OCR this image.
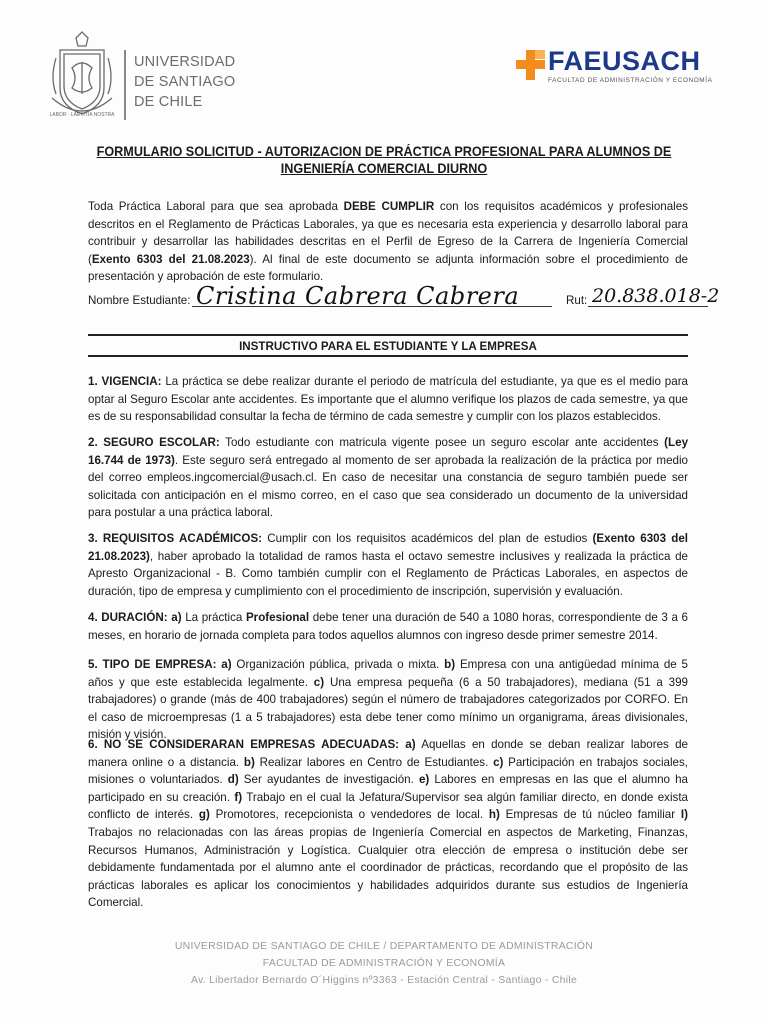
LABOR · LAETITIA NOSTRA
UNIVERSIDAD
DE SANTIAGO
DE CHILE
FAEUSACH
FACULTAD DE ADMINISTRACIÓN Y ECONOMÍA
FORMULARIO SOLICITUD - AUTORIZACION DE PRÁCTICA PROFESIONAL PARA ALUMNOS DE
INGENIERÍA COMERCIAL DIURNO
Toda Práctica Laboral para que sea aprobada DEBE CUMPLIR con los requisitos académicos y profesionales descritos en el Reglamento de Prácticas Laborales, ya que es necesaria esta experiencia y desarrollo laboral para contribuir y desarrollar las habilidades descritas en el Perfil de Egreso de la Carrera de Ingeniería Comercial (Exento 6303 del 21.08.2023). Al final de este documento se adjunta información sobre el procedimiento de presentación y aprobación de este formulario.
Nombre Estudiante: Cristina Cabrera Cabrera	Rut: 20.838.018-2
INSTRUCTIVO PARA EL ESTUDIANTE Y LA EMPRESA
1. VIGENCIA: La práctica se debe realizar durante el periodo de matrícula del estudiante, ya que es el medio para optar al Seguro Escolar ante accidentes. Es importante que el alumno verifique los plazos de cada semestre, ya que es de su responsabilidad consultar la fecha de término de cada semestre y cumplir con los plazos establecidos.
2. SEGURO ESCOLAR: Todo estudiante con matricula vigente posee un seguro escolar ante accidentes (Ley 16.744 de 1973). Este seguro será entregado al momento de ser aprobada la realización de la práctica por medio del correo empleos.ingcomercial@usach.cl. En caso de necesitar una constancia de seguro también puede ser solicitada con anticipación en el mismo correo, en el caso que sea considerado un documento de la universidad para postular a una práctica laboral.
3. REQUISITOS ACADÉMICOS: Cumplir con los requisitos académicos del plan de estudios (Exento 6303 del 21.08.2023), haber aprobado la totalidad de ramos hasta el octavo semestre inclusives y realizada la práctica de Apresto Organizacional - B. Como también cumplir con el Reglamento de Prácticas Laborales, en aspectos de duración, tipo de empresa y cumplimiento con el procedimiento de inscripción, supervisión y evaluación.
4. DURACIÓN: a) La práctica Profesional debe tener una duración de 540 a 1080 horas, correspondiente de 3 a 6 meses, en horario de jornada completa para todos aquellos alumnos con ingreso desde primer semestre 2014.
5. TIPO DE EMPRESA: a) Organización pública, privada o mixta. b) Empresa con una antigüedad mínima de 5 años y que este establecida legalmente. c) Una empresa pequeña (6 a 50 trabajadores), mediana (51 a 399 trabajadores) o grande (más de 400 trabajadores) según el número de trabajadores categorizados por CORFO. En el caso de microempresas (1 a 5 trabajadores) esta debe tener como mínimo un organigrama, áreas divisionales, misión y visión.
6. NO SE CONSIDERARAN EMPRESAS ADECUADAS: a) Aquellas en donde se deban realizar labores de manera online o a distancia. b) Realizar labores en Centro de Estudiantes. c) Participación en trabajos sociales, misiones o voluntariados. d) Ser ayudantes de investigación. e) Labores en empresas en las que el alumno ha participado en su creación. f) Trabajo en el cual la Jefatura/Supervisor sea algún familiar directo, en donde exista conflicto de interés. g) Promotores, recepcionista o vendedores de local. h) Empresas de tú núcleo familiar I) Trabajos no relacionadas con las áreas propias de Ingeniería Comercial en aspectos de Marketing, Finanzas, Recursos Humanos, Administración y Logística. Cualquier otra elección de empresa o institución debe ser debidamente fundamentada por el alumno ante el coordinador de prácticas, recordando que el propósito de las prácticas laborales es aplicar los conocimientos y habilidades adquiridos durante sus estudios de Ingeniería Comercial.
UNIVERSIDAD DE SANTIAGO DE CHILE / DEPARTAMENTO DE ADMINISTRACIÓN
FACULTAD DE ADMINISTRACIÓN Y ECONOMÍA
Av. Libertador Bernardo O´Higgins nº3363 - Estación Central - Santiago - Chile
